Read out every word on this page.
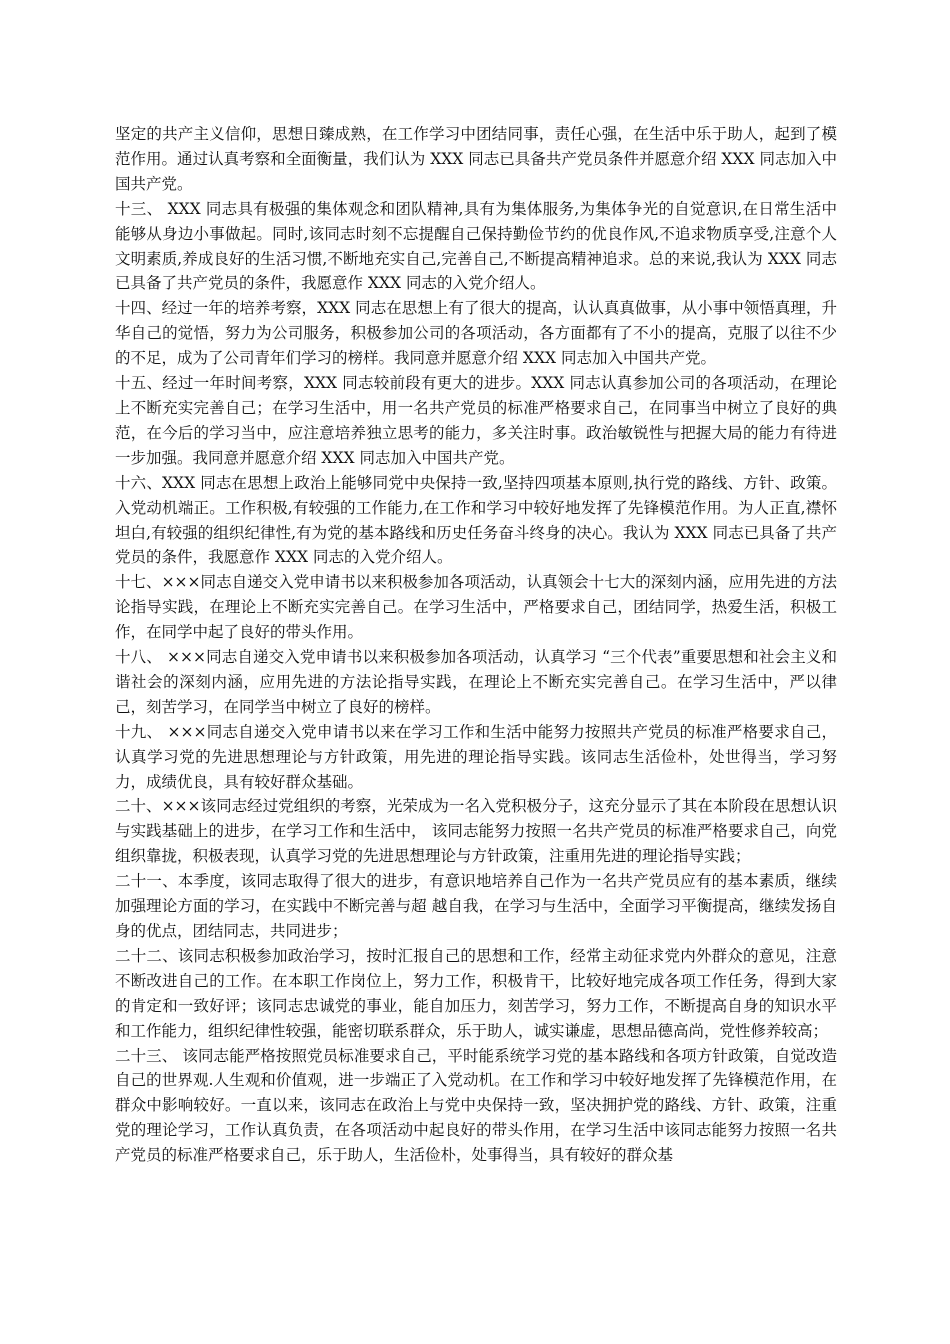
坚定的共产主义信仰，思想日臻成熟，在工作学习中团结同事，责任心强，在生活中乐于助人，起到了模范作用。通过认真考察和全面衡量，我们认为 XXX 同志已具备共产党员条件并愿意介绍 XXX 同志加入中国共产党。

十三、 XXX 同志具有极强的集体观念和团队精神,具有为集体服务,为集体争光的自觉意识,在日常生活中能够从身边小事做起。同时,该同志时刻不忘提醒自己保持勤俭节约的优良作风,不追求物质享受,注意个人文明素质,养成良好的生活习惯,不断地充实自己,完善自己,不断提高精神追求。总的来说,我认为 XXX 同志已具备了共产党员的条件，我愿意作 XXX 同志的入党介绍人。

十四、经过一年的培养考察，XXX 同志在思想上有了很大的提高，认认真真做事，从小事中领悟真理，升华自己的觉悟，努力为公司服务，积极参加公司的各项活动，各方面都有了不小的提高，克服了以往不少的不足，成为了公司青年们学习的榜样。我同意并愿意介绍 XXX 同志加入中国共产党。

十五、经过一年时间考察，XXX 同志较前段有更大的进步。XXX 同志认真参加公司的各项活动，在理论上不断充实完善自己；在学习生活中，用一名共产党员的标准严格要求自己，在同事当中树立了良好的典范，在今后的学习当中，应注意培养独立思考的能力，多关注时事。政治敏锐性与把握大局的能力有待进一步加强。我同意并愿意介绍 XXX 同志加入中国共产党。

十六、XXX 同志在思想上政治上能够同党中央保持一致,坚持四项基本原则,执行党的路线、方针、政策。入党动机端正。工作积极,有较强的工作能力,在工作和学习中较好地发挥了先锋模范作用。为人正直,襟怀坦白,有较强的组织纪律性,有为党的基本路线和历史任务奋斗终身的决心。我认为 XXX 同志已具备了共产党员的条件，我愿意作 XXX 同志的入党介绍人。

十七、×××同志自递交入党申请书以来积极参加各项活动，认真领会十七大的深刻内涵，应用先进的方法论指导实践，在理论上不断充实完善自己。在学习生活中，严格要求自己，团结同学，热爱生活，积极工作，在同学中起了良好的带头作用。

十八、 ×××同志自递交入党申请书以来积极参加各项活动，认真学习 “三个代表”重要思想和社会主义和谐社会的深刻内涵，应用先进的方法论指导实践，在理论上不断充实完善自己。在学习生活中，严以律己，刻苦学习，在同学当中树立了良好的榜样。

十九、 ×××同志自递交入党申请书以来在学习工作和生活中能努力按照共产党员的标准严格要求自己，认真学习党的先进思想理论与方针政策，用先进的理论指导实践。该同志生活俭朴，处世得当，学习努力，成绩优良，具有较好群众基础。

二十、×××该同志经过党组织的考察，光荣成为一名入党积极分子，这充分显示了其在本阶段在思想认识与实践基础上的进步，在学习工作和生活中， 该同志能努力按照一名共产党员的标准严格要求自己，向党组织靠拢，积极表现，认真学习党的先进思想理论与方针政策，注重用先进的理论指导实践；

二十一、本季度，该同志取得了很大的进步，有意识地培养自己作为一名共产党员应有的基本素质，继续加强理论方面的学习，在实践中不断完善与超 越自我，在学习与生活中，全面学习平衡提高，继续发扬自身的优点，团结同志，共同进步；

二十二、该同志积极参加政治学习，按时汇报自己的思想和工作，经常主动征求党内外群众的意见，注意不断改进自己的工作。在本职工作岗位上，努力工作，积极肯干，比较好地完成各项工作任务，得到大家的肯定和一致好评；该同志忠诚党的事业，能自加压力，刻苦学习，努力工作，不断提高自身的知识水平和工作能力，组织纪律性较强，能密切联系群众，乐于助人，诚实谦虚，思想品德高尚，党性修养较高；

二十三、 该同志能严格按照党员标准要求自己，平时能系统学习党的基本路线和各项方针政策，自觉改造自己的世界观.人生观和价值观，进一步端正了入党动机。在工作和学习中较好地发挥了先锋模范作用，在群众中影响较好。一直以来，该同志在政治上与党中央保持一致，坚决拥护党的路线、方针、政策，注重党的理论学习，工作认真负责，在各项活动中起良好的带头作用，在学习生活中该同志能努力按照一名共产党员的标准严格要求自己，乐于助人，生活俭朴，处事得当，具有较好的群众基
